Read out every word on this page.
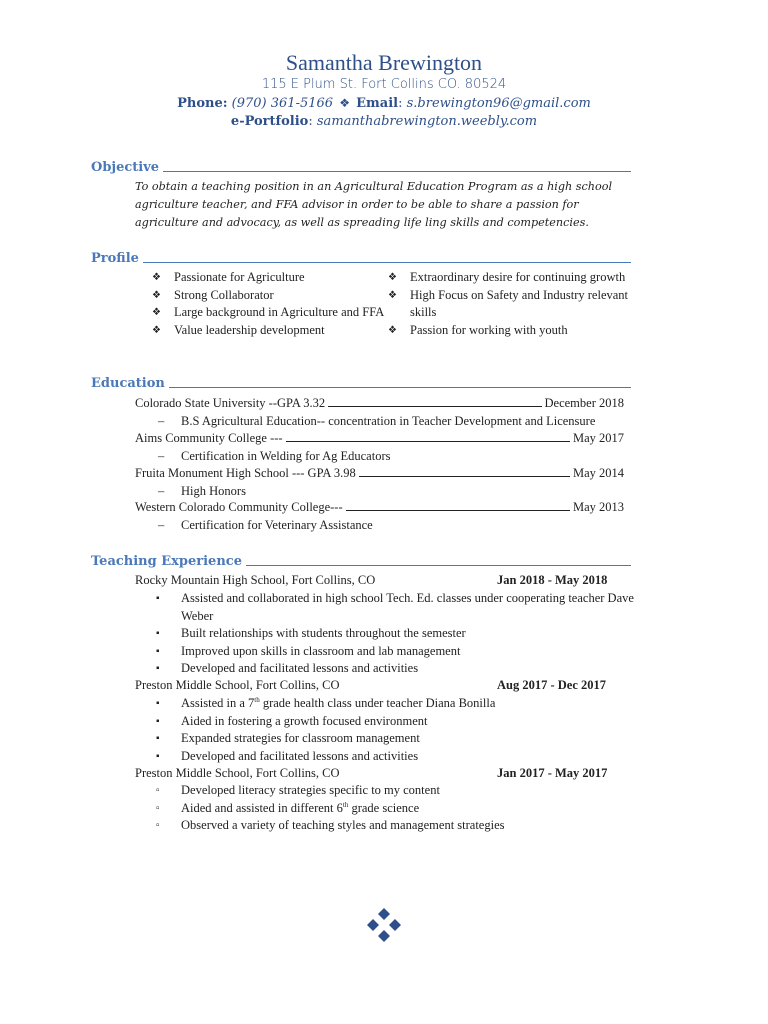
Samantha Brewington
115 E Plum St. Fort Collins CO. 80524
Phone: (970) 361-5166 ❖ Email: s.brewington96@gmail.com
e-Portfolio: samanthabrewington.weebly.com
Objective
To obtain a teaching position in an Agricultural Education Program as a high school agriculture teacher, and FFA advisor in order to be able to share a passion for agriculture and advocacy, as well as spreading life ling skills and competencies.
Profile
❖ Passionate for Agriculture
❖ Strong Collaborator
❖ Large background in Agriculture and FFA
❖ Value leadership development
❖ Extraordinary desire for continuing growth
❖ High Focus on Safety and Industry relevant skills
❖ Passion for working with youth
Education
Colorado State University --GPA 3.32	December 2018
– B.S Agricultural Education-- concentration in Teacher Development and Licensure
Aims Community College ---	May 2017
– Certification in Welding for Ag Educators
Fruita Monument High School --- GPA 3.98	May 2014
– High Honors
Western Colorado Community College---	May 2013
– Certification for Veterinary Assistance
Teaching Experience
Rocky Mountain High School, Fort Collins, CO	Jan 2018 - May 2018
▪ Assisted and collaborated in high school Tech. Ed. classes under cooperating teacher Dave Weber
▪ Built relationships with students throughout the semester
▪ Improved upon skills in classroom and lab management
▪ Developed and facilitated lessons and activities
Preston Middle School, Fort Collins, CO	Aug 2017 - Dec 2017
▪ Assisted in a 7th grade health class under teacher Diana Bonilla
▪ Aided in fostering a growth focused environment
▪ Expanded strategies for classroom management
▪ Developed and facilitated lessons and activities
Preston Middle School, Fort Collins, CO	Jan 2017 - May 2017
▫ Developed literacy strategies specific to my content
▫ Aided and assisted in different 6th grade science
▫ Observed a variety of teaching styles and management strategies
